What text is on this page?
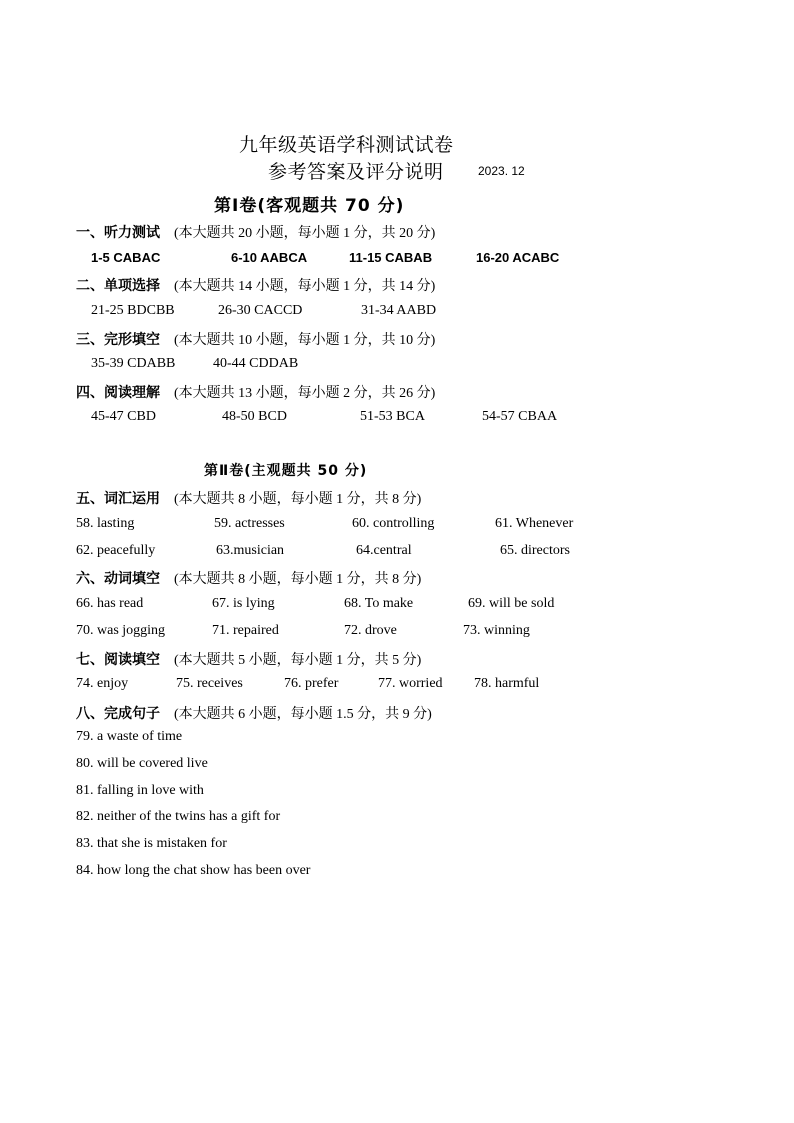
九年级英语学科测试试卷
参考答案及评分说明	2023. 12
第Ⅰ卷(客观题共 70 分)
一、听力测试 (本大题共 20 小题，每小题 1 分，共 20 分)
1-5 CABAC	6-10 AABCA	11-15 CABAB	16-20 ACABC
二、单项选择 (本大题共 14 小题，每小题 1 分，共 14 分)
21-25 BDCBB	26-30 CACCD	31-34 AABD
三、完形填空 (本大题共 10 小题，每小题 1 分，共 10 分)
35-39 CDABB	40-44 CDDAB
四、阅读理解 (本大题共 13 小题，每小题 2 分，共 26 分)
45-47 CBD	48-50 BCD	51-53 BCA	54-57 CBAA
第Ⅱ卷(主观题共 50 分)
五、词汇运用 (本大题共 8 小题，每小题 1 分，共 8 分)
58. lasting	59. actresses	60. controlling	61. Whenever
62. peacefully	63.musician	64.central	65. directors
六、动词填空 (本大题共 8 小题，每小题 1 分，共 8 分)
66. has read	67. is lying	68. To make	69. will be sold
70. was jogging	71. repaired	72. drove	73. winning
七、阅读填空 (本大题共 5 小题，每小题 1 分，共 5 分)
74. enjoy	75. receives	76. prefer	77. worried 78. harmful
八、完成句子 (本大题共 6 小题，每小题 1.5 分，共 9 分)
79. a waste of time
80. will be covered live
81. falling in love with
82. neither of the twins has a gift for
83. that she is mistaken for
84. how long the chat show has been over
